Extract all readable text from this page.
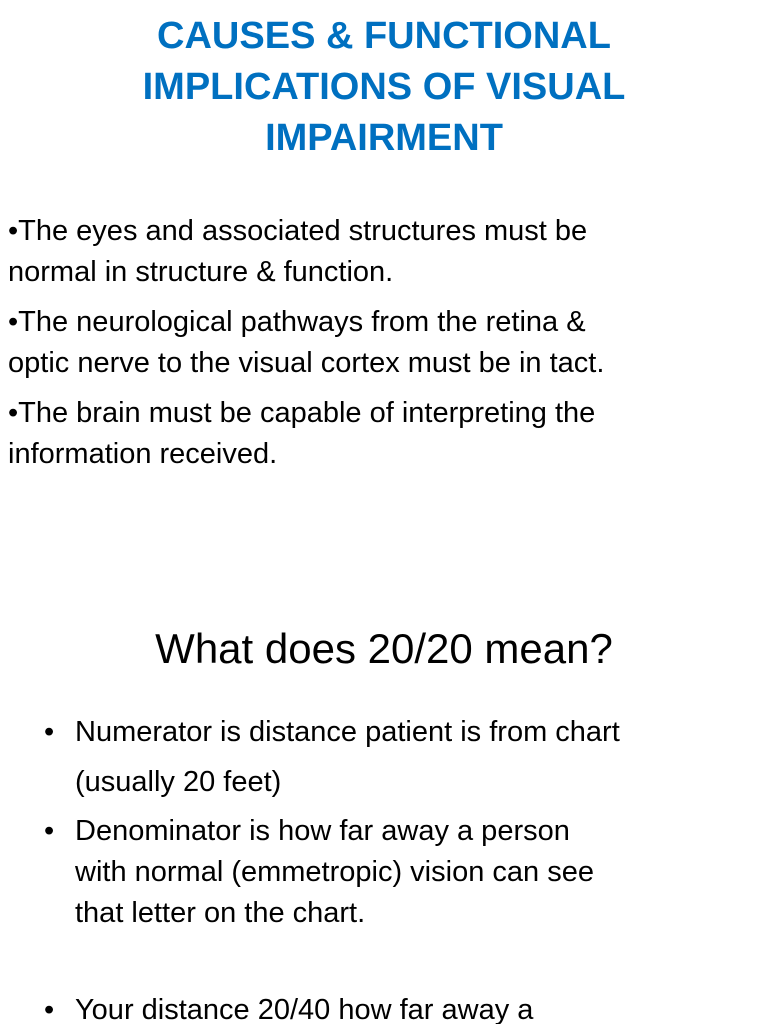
CAUSES & FUNCTIONAL
IMPLICATIONS OF VISUAL
IMPAIRMENT
•The eyes and associated structures must be
normal in structure & function.
•The neurological pathways from the retina &
optic nerve to the visual cortex must be in tact.
•The brain must be capable of interpreting the
information received.
What does 20/20 mean?
• Numerator is distance patient is from chart
(usually 20 feet)
• Denominator is how far away a person
with normal (emmetropic) vision can see
that letter on the chart.
• Your distance 20/40 how far away a
